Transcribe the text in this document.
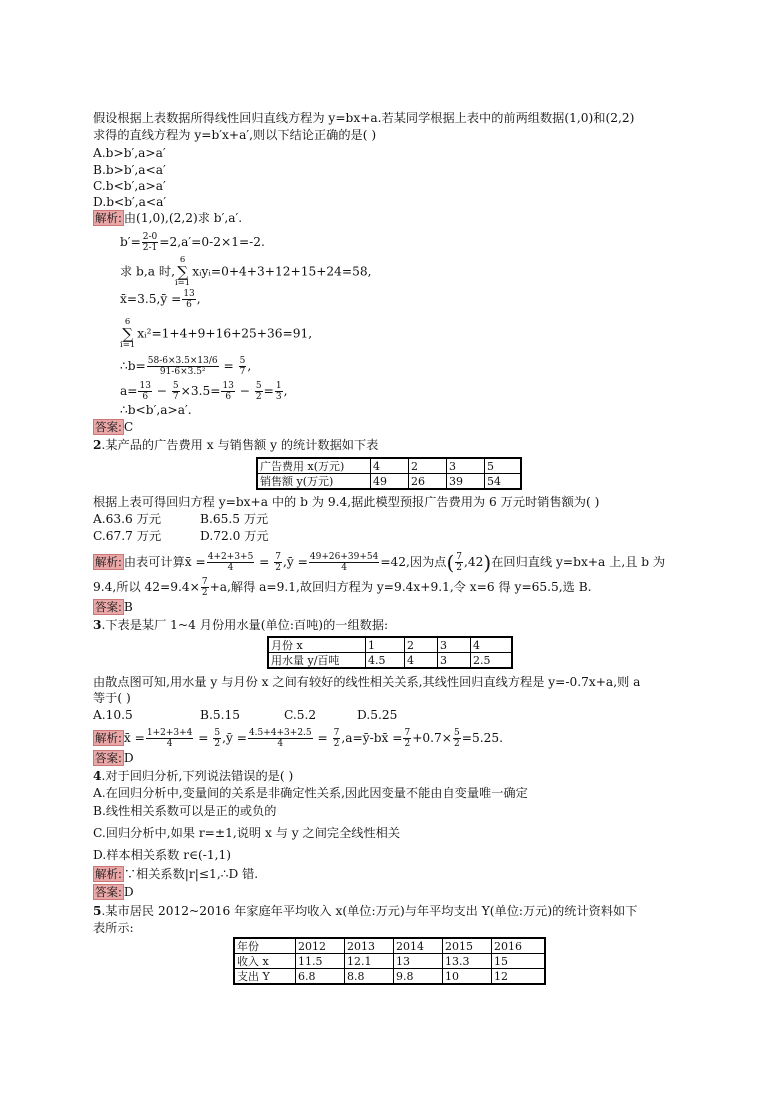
假设根据上表数据所得线性回归直线方程为 y=bx+a.若某同学根据上表中的前两组数据(1,0)和(2,2)
求得的直线方程为 y=b′x+a′,则以下结论正确的是( )
A.b>b′,a>a′
B.b>b′,a<a′
C.b<b′,a>a′
D.b<b′,a<a′
解析: 由(1,0),(2,2)求 b′,a′.
$b'= \frac{2-0}{2-1} =2,a'=0-2\times 1=-2$.
求 b,a 时,6
∑
i=1xᵢyᵢ=0+4+3+12+15+24=58,
x̄=3.5,ȳ = $\frac{13}{6}$ ,
6
∑
i=1xᵢ²=1+4+9+16+25+36=91,
∴b= $\frac{58-6\times 3.5\times 13/6}{\text{91-6×3.5²}} = \frac{5}{7}$ ,
$a= \frac{13}{6} - \frac{5}{7} \times 3.5= \frac{13}{6} - \frac{5}{2} = \frac{1}{3}$ ,
∴b<b′,a>a′.
答案: C
2.某产品的广告费用 x 与销售额 y 的统计数据如下表
广告费用 x(万元)	4	2	3	5
销售额 y(万元)	49	26	39	54
根据上表可得回归方程 y=bx+a 中的 b 为 9.4,据此模型预报广告费用为 6 万元时销售额为( )
A.63.6 万元	B.65.5 万元
C.67.7 万元	D.72.0 万元
解析: 由表可计算x̄ = $\frac{4+2+3+5}{4} = \frac{7}{2}$ ,ȳ = $\frac{49+26+39+54}{4} =42$,因为点( $\frac{7}{2} ,42$)在回归直线 y=bx+a 上,且 b 为
9.4,所以 $42=9.4\times \frac{7}{2} +a$,解得 a=9.1,故回归方程为 y=9.4x+9.1,令 x=6 得 y=65.5,选 B.
答案: B
3.下表是某厂 1~4 月份用水量(单位:百吨)的一组数据:
月份 x	1	2	3	4
用水量 y/百吨	4.5	4	3	2.5
由散点图可知,用水量 y 与月份 x 之间有较好的线性相关关系,其线性回归直线方程是 y=-0.7x+a,则 a
等于( )
A.10.5	B.5.15	C.5.2	D.5.25
解析: x̄ = $\frac{1+2+3+4}{4} = \frac{5}{2}$ ,ȳ = $\frac{4.5+4+3+2.5}{4} = \frac{7}{2}$ ,a=ȳ-bx̄ = $\frac{7}{2} +0.7\times \frac{5}{2} =5.25$.
答案: D
4.对于回归分析,下列说法错误的是( )
A.在回归分析中,变量间的关系是非确定性关系,因此因变量不能由自变量唯一确定
B.线性相关系数可以是正的或负的
C.回归分析中,如果 r=±1,说明 x 与 y 之间完全线性相关
D.样本相关系数 r∈(-1,1)
解析: ∵相关系数|r|≤1,∴D 错.
答案: D
5.某市居民 2012~2016 年家庭年平均收入 x(单位:万元)与年平均支出 Y(单位:万元)的统计资料如下
表所示:
年份	2012	2013	2014	2015	2016
收入 x	11.5	12.1	13	13.3	15
支出 Y	6.8	8.8	9.8	10	12
